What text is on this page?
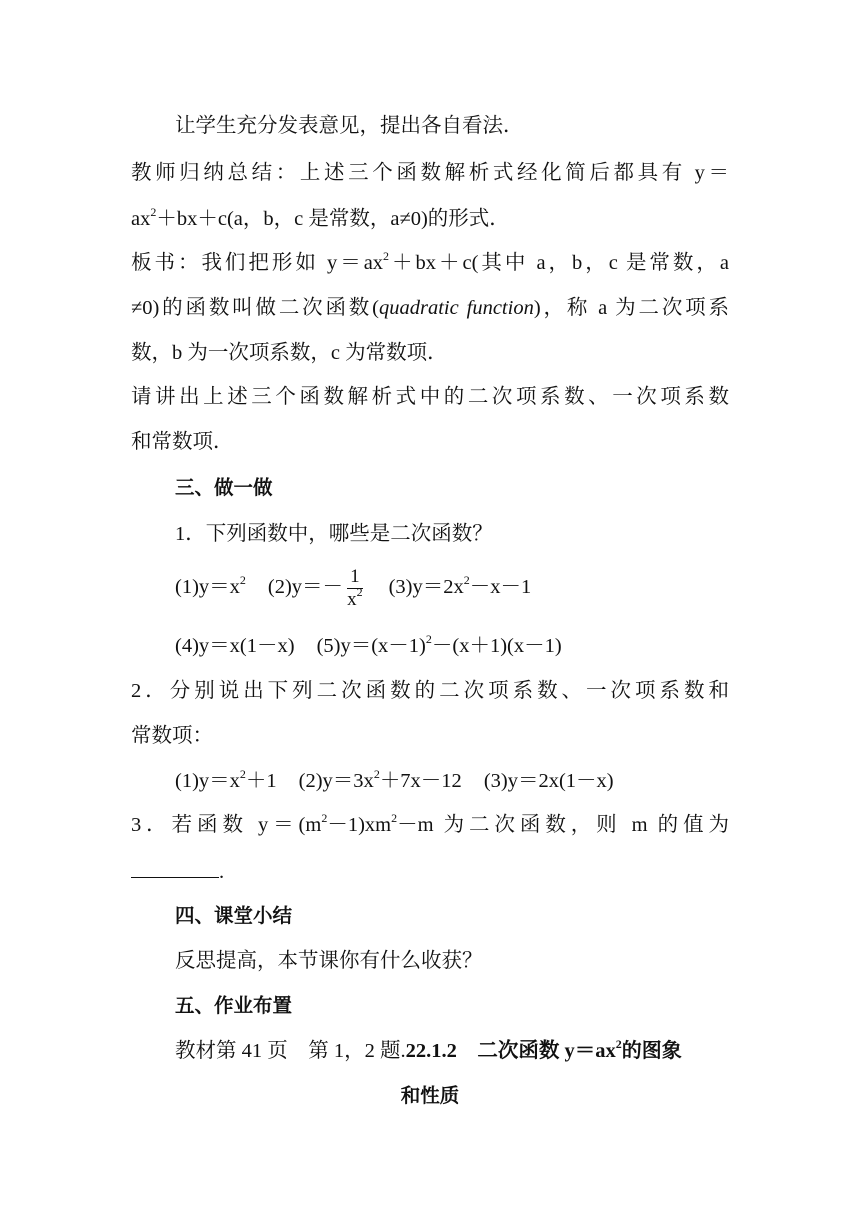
让学生充分发表意见，提出各自看法．
教师归纳总结：上述三个函数解析式经化简后都具有 y＝
$ax^2+bx+c(a$，b，c 是常数，a≠0)的形式．
板书：我们把形如 $y=ax^2+bx+c$(其中 a，b，c 是常数，a
≠0)的函数叫做二次函数(quadratic function)，称 a 为二次项系
数，b 为一次项系数，c 为常数项．
请讲出上述三个函数解析式中的二次项系数、一次项系数
和常数项．
三、做一做
1．下列函数中，哪些是二次函数？
$(1)y=x^2$ $(2)y=- \frac{1}{x^2} (3)y=2x^2-x-1$
(4)y＝x(1－x) $(5)y=(x-1)^2-(x+1)(x-1)$
2．分别说出下列二次函数的二次项系数、一次项系数和
常数项：
$(1)y=x^2+1$ $(2)y=3x^2+7x-12$ (3)y＝2x(1－x)
3．若函数 $y=(m^2-1)xm^2-m$ 为二次函数，则 m 的值为
.
四、课堂小结
反思提高，本节课你有什么收获？
五、作业布置
教材第 41 页　第 1，2 题.22.1.2　二次函数 $y=ax^2$的图象
和性质
